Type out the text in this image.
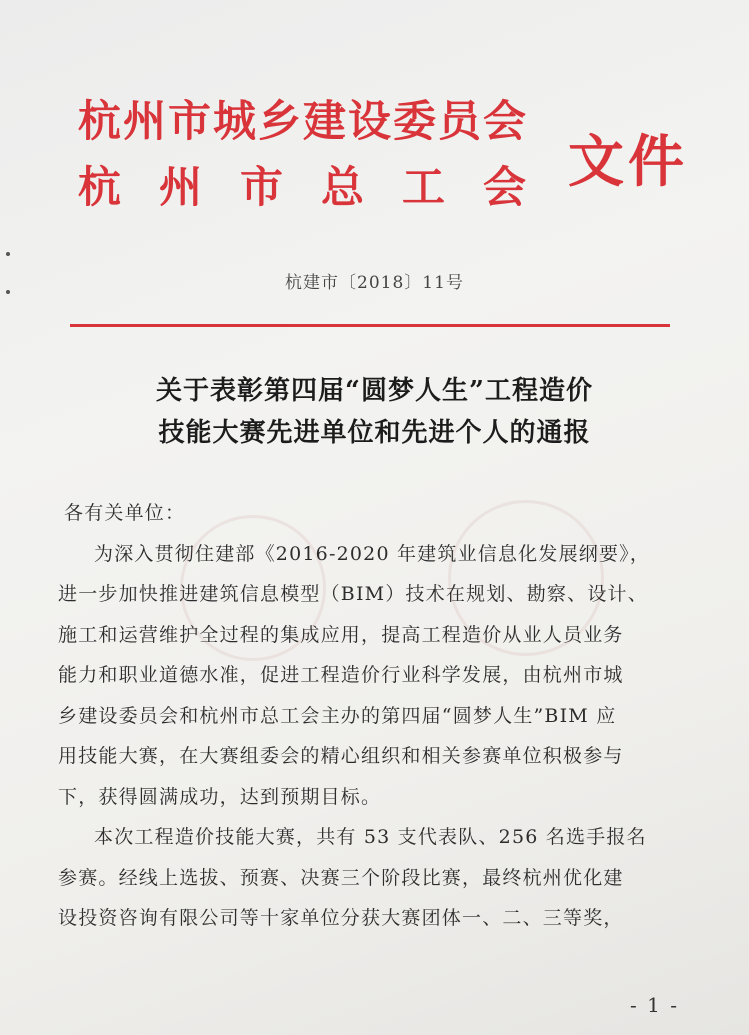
杭州市城乡建设委员会
杭州市总工会 文件
杭建市〔2018〕11号
关于表彰第四届“圆梦人生”工程造价
技能大赛先进单位和先进个人的通报
各有关单位：
为深入贯彻住建部《2016-2020 年建筑业信息化发展纲要》，
进一步加快推进建筑信息模型（BIM）技术在规划、勘察、设计、
施工和运营维护全过程的集成应用，提高工程造价从业人员业务
能力和职业道德水准，促进工程造价行业科学发展，由杭州市城
乡建设委员会和杭州市总工会主办的第四届“圆梦人生”BIM 应
用技能大赛，在大赛组委会的精心组织和相关参赛单位积极参与
下，获得圆满成功，达到预期目标。
本次工程造价技能大赛，共有 53 支代表队、256 名选手报名
参赛。经线上选拔、预赛、决赛三个阶段比赛，最终杭州优化建
设投资咨询有限公司等十家单位分获大赛团体一、二、三等奖，
- 1 -
